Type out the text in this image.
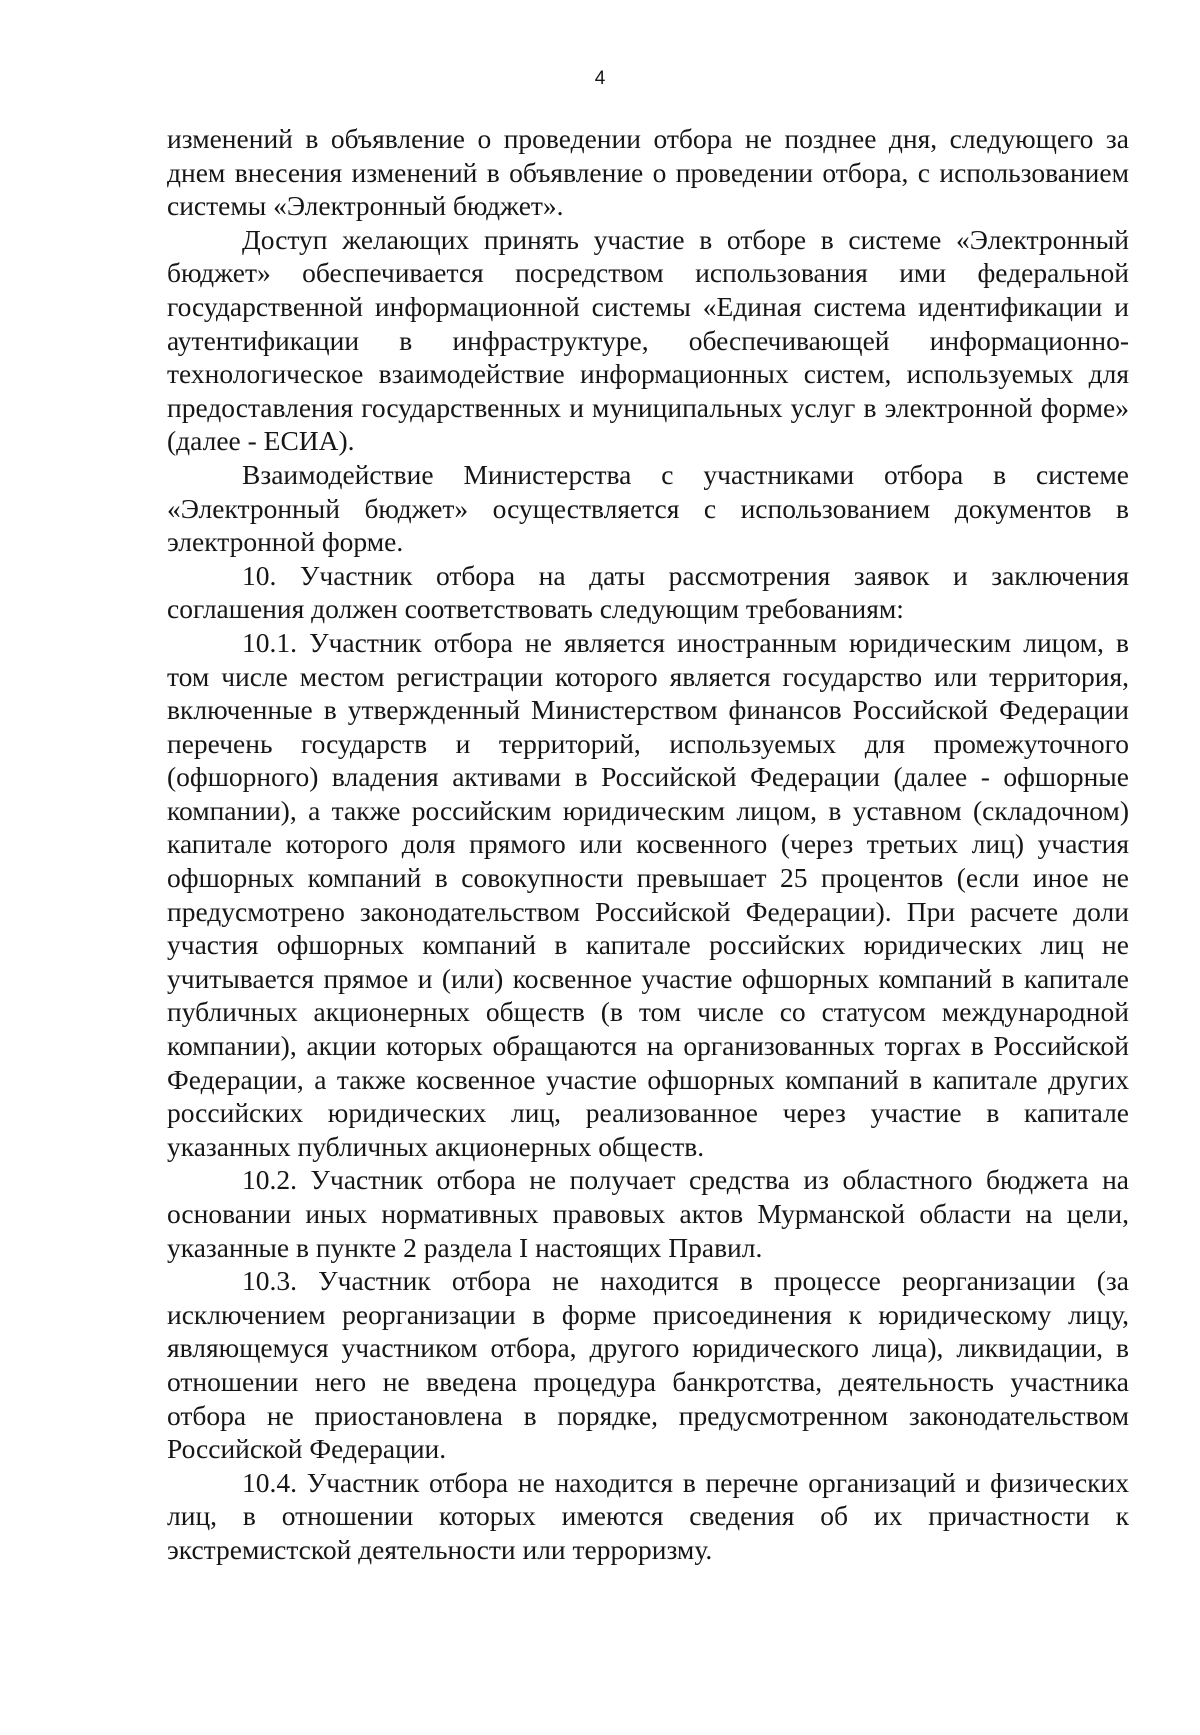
4

изменений в объявление о проведении отбора не позднее дня, следующего за днем внесения изменений в объявление о проведении отбора, с использованием системы «Электронный бюджет».

Доступ желающих принять участие в отборе в системе «Электронный бюджет» обеспечивается посредством использования ими федеральной государственной информационной системы «Единая система идентификации и аутентификации в инфраструктуре, обеспечивающей информационно-технологическое взаимодействие информационных систем, используемых для предоставления государственных и муниципальных услуг в электронной форме» (далее - ЕСИА).

Взаимодействие Министерства с участниками отбора в системе «Электронный бюджет» осуществляется с использованием документов в электронной форме.

10. Участник отбора на даты рассмотрения заявок и заключения соглашения должен соответствовать следующим требованиям:

10.1. Участник отбора не является иностранным юридическим лицом, в том числе местом регистрации которого является государство или территория, включенные в утвержденный Министерством финансов Российской Федерации перечень государств и территорий, используемых для промежуточного (офшорного) владения активами в Российской Федерации (далее - офшорные компании), а также российским юридическим лицом, в уставном (складочном) капитале которого доля прямого или косвенного (через третьих лиц) участия офшорных компаний в совокупности превышает 25 процентов (если иное не предусмотрено законодательством Российской Федерации). При расчете доли участия офшорных компаний в капитале российских юридических лиц не учитывается прямое и (или) косвенное участие офшорных компаний в капитале публичных акционерных обществ (в том числе со статусом международной компании), акции которых обращаются на организованных торгах в Российской Федерации, а также косвенное участие офшорных компаний в капитале других российских юридических лиц, реализованное через участие в капитале указанных публичных акционерных обществ.

10.2. Участник отбора не получает средства из областного бюджета на основании иных нормативных правовых актов Мурманской области на цели, указанные в пункте 2 раздела I настоящих Правил.

10.3. Участник отбора не находится в процессе реорганизации (за исключением реорганизации в форме присоединения к юридическому лицу, являющемуся участником отбора, другого юридического лица), ликвидации, в отношении него не введена процедура банкротства, деятельность участника отбора не приостановлена в порядке, предусмотренном законодательством Российской Федерации.

10.4. Участник отбора не находится в перечне организаций и физических лиц, в отношении которых имеются сведения об их причастности к экстремистской деятельности или терроризму.
